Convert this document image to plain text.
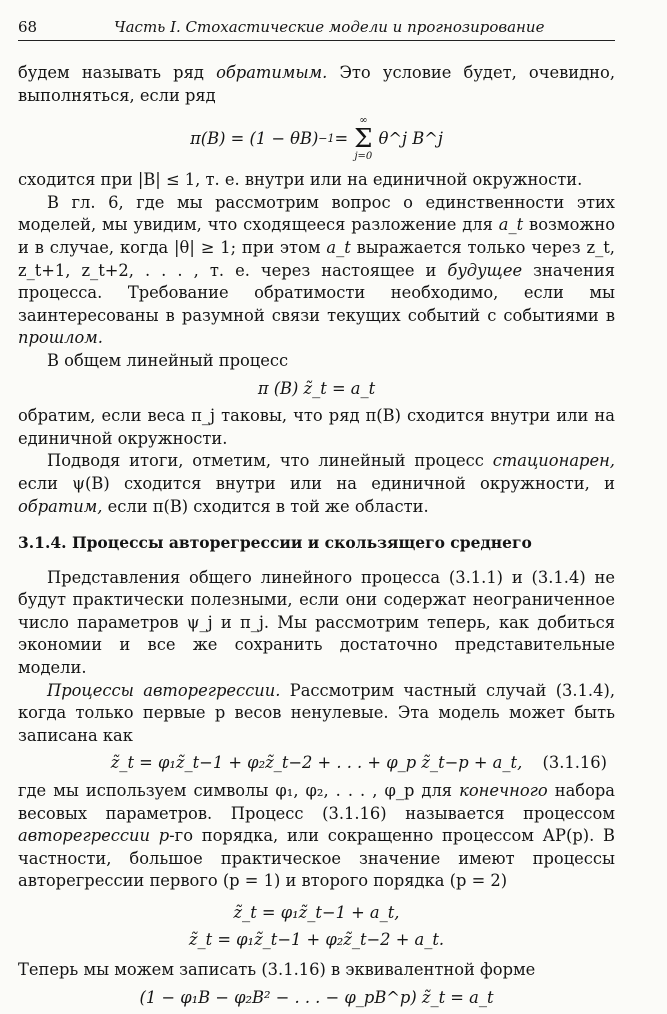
68	Часть I. Стохастические модели и прогнозирование

будем называть ряд обратимым. Это условие будет, очевидно, выполняться, если ряд

π(B) = (1 − θB) −1 =
∞
Σ
j=0
θ^j B^j

сходится при |B| ≤ 1, т. е. внутри или на единичной окружности.

В гл. 6, где мы рассмотрим вопрос о единственности этих моделей, мы увидим, что сходящееся разложение для a_t возможно и в случае, когда |θ| ≥ 1; при этом a_t выражается только через z_t, z_t+1, z_t+2, . . . , т. е. через настоящее и будущее значения процесса. Требование обратимости необходимо, если мы заинтересованы в разумной связи текущих событий с событиями в прошлом.

В общем линейный процесс

π (B) z̃_t = a_t

обратим, если веса π_j таковы, что ряд π(B) сходится внутри или на единичной окружности.

Подводя итоги, отметим, что линейный процесс стационарен, если ψ(B) сходится внутри или на единичной окружности, и обратим, если π(B) сходится в той же области.

3.1.4. Процессы авторегрессии и скользящего среднего

Представления общего линейного процесса (3.1.1) и (3.1.4) не будут практически полезными, если они содержат неограниченное число параметров ψ_j и π_j. Мы рассмотрим теперь, как добиться экономии и все же сохранить достаточно представительные модели.

Процессы авторегрессии. Рассмотрим частный случай (3.1.4), когда только первые p весов ненулевые. Эта модель может быть записана как

z̃_t = φ₁z̃_t−1 + φ₂z̃_t−2 + . . . + φ_p z̃_t−p + a_t, (3.1.16)

где мы используем символы φ₁, φ₂, . . . , φ_p для конечного набора весовых параметров. Процесс (3.1.16) называется процессом авторегрессии p-го порядка, или сокращенно процессом АР(p). В частности, большое практическое значение имеют процессы авторегрессии первого (p = 1) и второго порядка (p = 2)

z̃_t = φ₁z̃_t−1 + a_t,
z̃_t = φ₁z̃_t−1 + φ₂z̃_t−2 + a_t.

Теперь мы можем записать (3.1.16) в эквивалентной форме

(1 − φ₁B − φ₂B² − . . . − φ_pB^p) z̃_t = a_t
